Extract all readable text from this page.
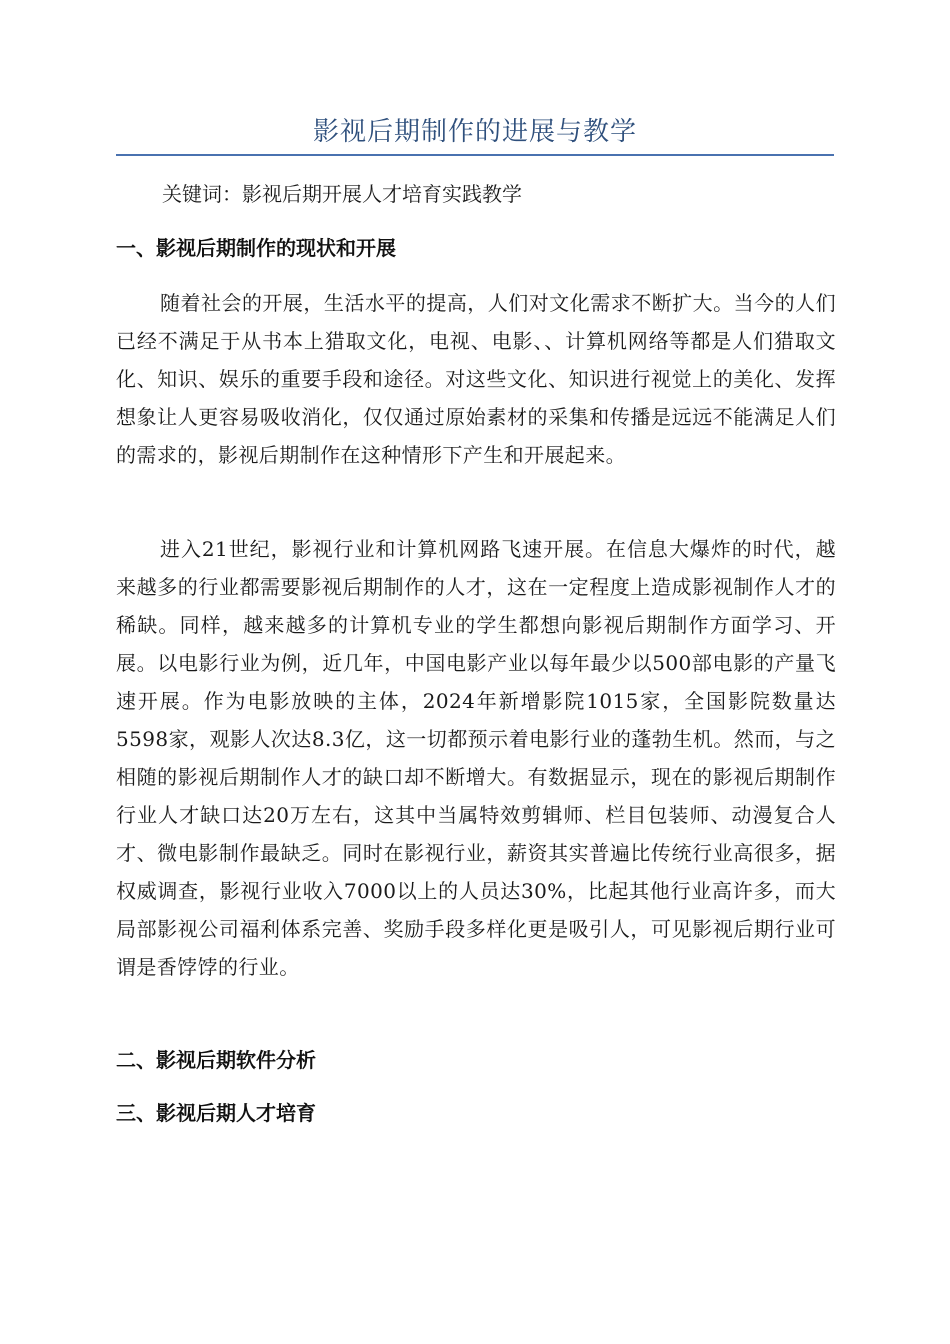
影视后期制作的进展与教学
关键词：影视后期开展人才培育实践教学
一、影视后期制作的现状和开展
随着社会的开展，生活水平的提高，人们对文化需求不断扩大。当今的人们已经不满足于从书本上猎取文化，电视、电影、、计算机网络等都是人们猎取文化、知识、娱乐的重要手段和途径。对这些文化、知识进行视觉上的美化、发挥想象让人更容易吸收消化，仅仅通过原始素材的采集和传播是远远不能满足人们的需求的，影视后期制作在这种情形下产生和开展起来。
进入21世纪，影视行业和计算机网路飞速开展。在信息大爆炸的时代，越来越多的行业都需要影视后期制作的人才，这在一定程度上造成影视制作人才的稀缺。同样，越来越多的计算机专业的学生都想向影视后期制作方面学习、开展。以电影行业为例，近几年，中国电影产业以每年最少以500部电影的产量飞速开展。作为电影放映的主体，2024年新增影院1015家，全国影院数量达5598家，观影人次达8.3亿，这一切都预示着电影行业的蓬勃生机。然而，与之相随的影视后期制作人才的缺口却不断增大。有数据显示，现在的影视后期制作行业人才缺口达20万左右，这其中当属特效剪辑师、栏目包装师、动漫复合人才、微电影制作最缺乏。同时在影视行业，薪资其实普遍比传统行业高很多，据权威调查，影视行业收入7000以上的人员达30%，比起其他行业高许多，而大局部影视公司福利体系完善、奖励手段多样化更是吸引人，可见影视后期行业可谓是香饽饽的行业。
二、影视后期软件分析
三、影视后期人才培育
